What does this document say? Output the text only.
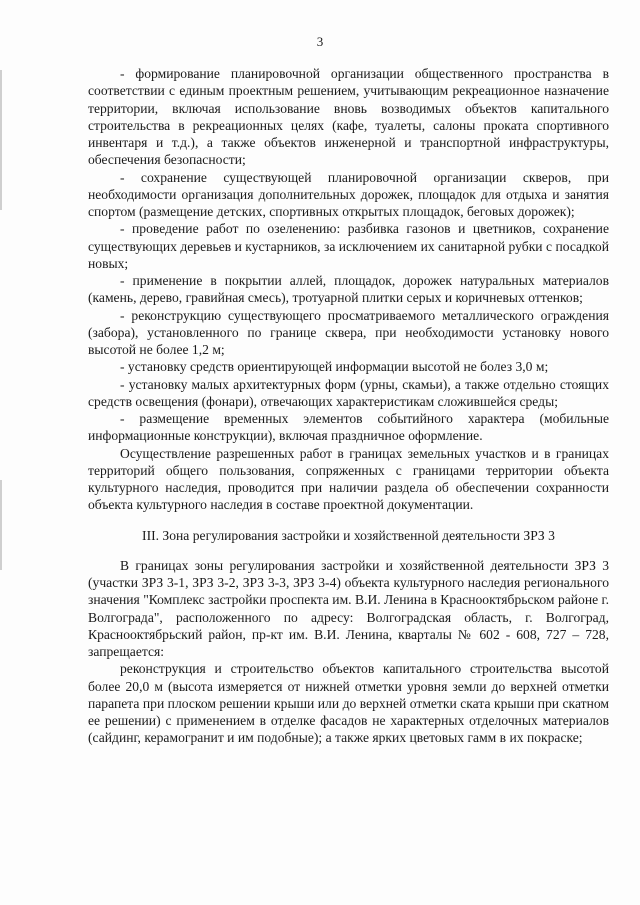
3

- формирование планировочной организации общественного пространства в соответствии с единым проектным решением, учитывающим рекреационное назначение территории, включая использование вновь возводимых объектов капитального строительства в рекреационных целях (кафе, туалеты, салоны проката спортивного инвентаря и т.д.), а также объектов инженерной и транспортной инфраструктуры, обеспечения безопасности;

- сохранение существующей планировочной организации скверов, при необходимости организация дополнительных дорожек, площадок для отдыха и занятия спортом (размещение детских, спортивных открытых площадок, беговых дорожек);

- проведение работ по озеленению: разбивка газонов и цветников, сохранение существующих деревьев и кустарников, за исключением их санитарной рубки с посадкой новых;

- применение в покрытии аллей, площадок, дорожек натуральных материалов (камень, дерево, гравийная смесь), тротуарной плитки серых и коричневых оттенков;

- реконструкцию существующего просматриваемого металлического ограждения (забора), установленного по границе сквера, при необходимости установку нового высотой не более 1,2 м;

- установку средств ориентирующей информации высотой не болез 3,0 м;

- установку малых архитектурных форм (урны, скамьи), а также отдельно стоящих средств освещения (фонари), отвечающих характеристикам сложившейся среды;

- размещение временных элементов событийного характера (мобильные информационные конструкции), включая праздничное оформление.

Осуществление разрешенных работ в границах земельных участков и в границах территорий общего пользования, сопряженных с границами территории объекта культурного наследия, проводится при наличии раздела об обеспечении сохранности объекта культурного наследия в составе проектной документации.

III. Зона регулирования застройки и хозяйственной деятельности ЗРЗ 3

В границах зоны регулирования застройки и хозяйственной деятельности ЗРЗ 3 (участки ЗРЗ 3-1, ЗРЗ 3-2, ЗРЗ 3-3, ЗРЗ 3-4) объекта культурного наследия регионального значения "Комплекс застройки проспекта им. В.И. Ленина в Краснооктябрьском районе г. Волгограда", расположенного по адресу: Волгоградская область, г. Волгоград, Краснооктябрьский район, пр-кт им. В.И. Ленина, кварталы № 602 - 608, 727 – 728, запрещается:

реконструкция и строительство объектов капитального строительства высотой более 20,0 м (высота измеряется от нижней отметки уровня земли до верхней отметки парапета при плоском решении крыши или до верхней отметки ската крыши при скатном ее решении) с применением в отделке фасадов не характерных отделочных материалов (сайдинг, керамогранит и им подобные); а также ярких цветовых гамм в их покраске;
